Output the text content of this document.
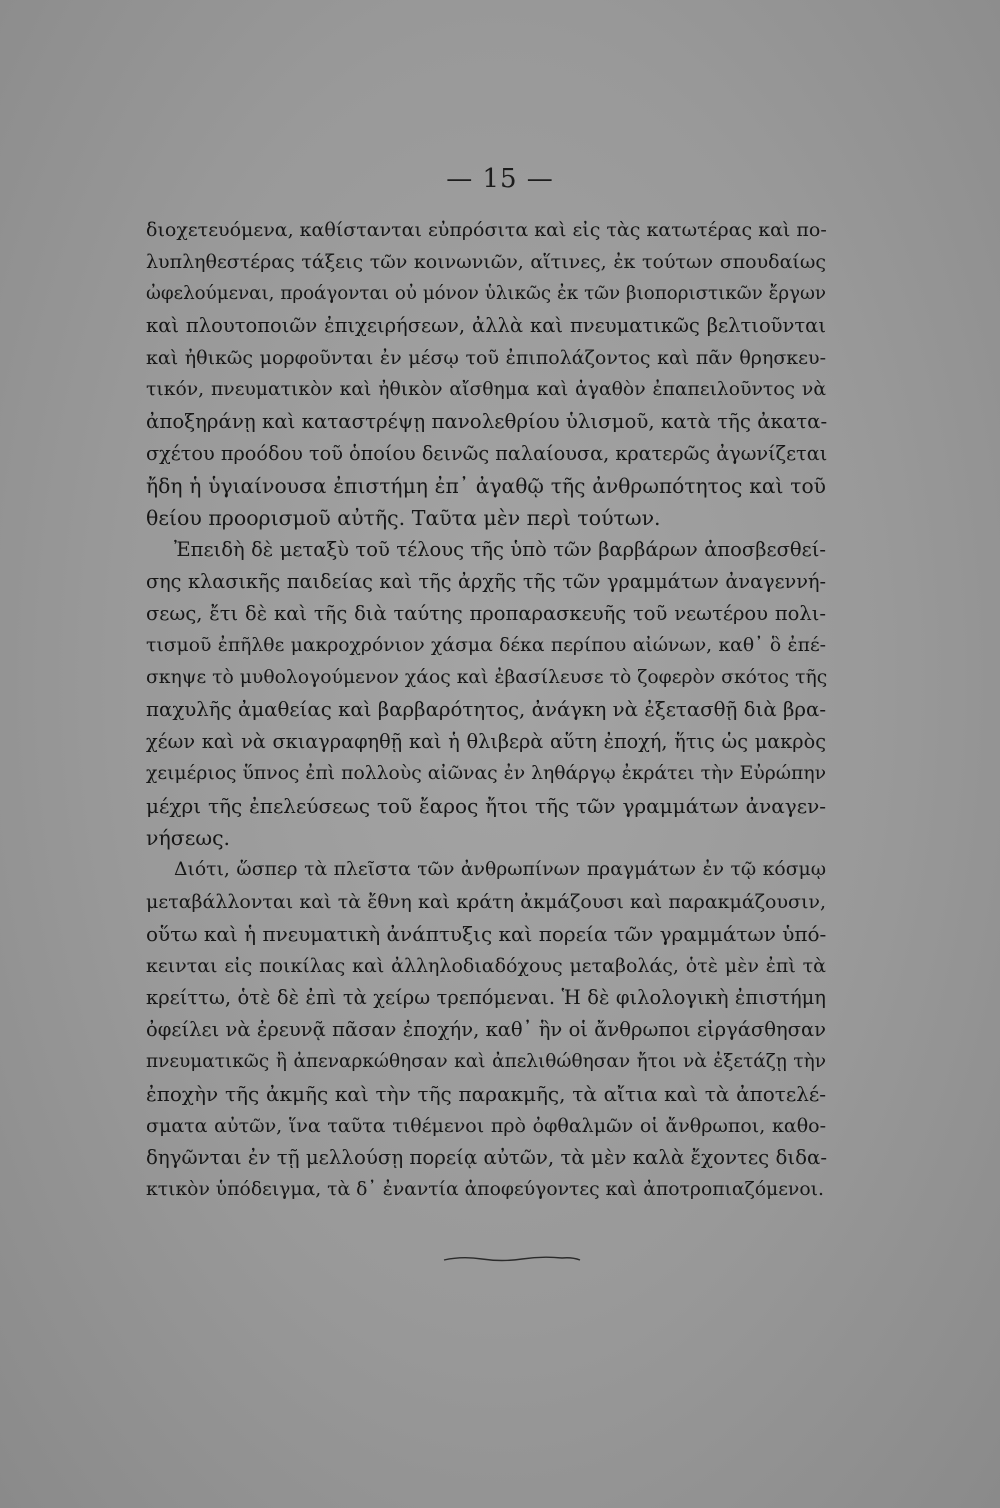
— 15 —
διοχετευόμενα, καθίστανται εὐπρόσιτα καὶ εἰς τὰς κατωτέρας καὶ πο-
λυπληθεστέρας τάξεις τῶν κοινωνιῶν, αἵτινες, ἐκ τούτων σπουδαίως
ὠφελούμεναι, προάγονται οὐ μόνον ὑλικῶς ἐκ τῶν βιοποριστικῶν ἔργων
καὶ πλουτοποιῶν ἐπιχειρήσεων, ἀλλὰ καὶ πνευματικῶς βελτιοῦνται
καὶ ἠθικῶς μορφοῦνται ἐν μέσῳ τοῦ ἐπιπολάζοντος καὶ πᾶν θρησκευ-
τικόν, πνευματικὸν καὶ ἠθικὸν αἴσθημα καὶ ἀγαθὸν ἐπαπειλοῦντος νὰ
ἀποξηράνῃ καὶ καταστρέψῃ πανολεθρίου ὑλισμοῦ, κατὰ τῆς ἀκατα-
σχέτου προόδου τοῦ ὁποίου δεινῶς παλαίουσα, κρατερῶς ἀγωνίζεται
ἤδη ἡ ὑγιαίνουσα ἐπιστήμη ἐπ᾽ ἀγαθῷ τῆς ἀνθρωπότητος καὶ τοῦ
θείου προορισμοῦ αὐτῆς. Ταῦτα μὲν περὶ τούτων.
Ἐπειδὴ δὲ μεταξὺ τοῦ τέλους τῆς ὑπὸ τῶν βαρβάρων ἀποσβεσθεί-
σης κλασικῆς παιδείας καὶ τῆς ἀρχῆς τῆς τῶν γραμμάτων ἀναγεννή-
σεως, ἔτι δὲ καὶ τῆς διὰ ταύτης προπαρασκευῆς τοῦ νεωτέρου πολι-
τισμοῦ ἐπῆλθε μακροχρόνιον χάσμα δέκα περίπου αἰώνων, καθ᾽ ὃ ἐπέ-
σκηψε τὸ μυθολογούμενον χάος καὶ ἐβασίλευσε τὸ ζοφερὸν σκότος τῆς
παχυλῆς ἀμαθείας καὶ βαρβαρότητος, ἀνάγκη νὰ ἐξετασθῇ διὰ βρα-
χέων καὶ νὰ σκιαγραφηθῇ καὶ ἡ θλιβερὰ αὕτη ἐποχή, ἥτις ὡς μακρὸς
χειμέριος ὕπνος ἐπὶ πολλοὺς αἰῶνας ἐν ληθάργῳ ἐκράτει τὴν Εὐρώπην
μέχρι τῆς ἐπελεύσεως τοῦ ἔαρος ἤτοι τῆς τῶν γραμμάτων ἀναγεν-
νήσεως.
Διότι, ὥσπερ τὰ πλεῖστα τῶν ἀνθρωπίνων πραγμάτων ἐν τῷ κόσμῳ
μεταβάλλονται καὶ τὰ ἔθνη καὶ κράτη ἀκμάζουσι καὶ παρακμάζουσιν,
οὕτω καὶ ἡ πνευματικὴ ἀνάπτυξις καὶ πορεία τῶν γραμμάτων ὑπό-
κεινται εἰς ποικίλας καὶ ἀλληλοδιαδόχους μεταβολάς, ὁτὲ μὲν ἐπὶ τὰ
κρείττω, ὁτὲ δὲ ἐπὶ τὰ χείρω τρεπόμεναι. Ἡ δὲ φιλολογικὴ ἐπιστήμη
ὀφείλει νὰ ἐρευνᾷ πᾶσαν ἐποχήν, καθ᾽ ἣν οἱ ἄνθρωποι εἰργάσθησαν
πνευματικῶς ἢ ἀπεναρκώθησαν καὶ ἀπελιθώθησαν ἤτοι νὰ ἐξετάζῃ τὴν
ἐποχὴν τῆς ἀκμῆς καὶ τὴν τῆς παρακμῆς, τὰ αἴτια καὶ τὰ ἀποτελέ-
σματα αὐτῶν, ἵνα ταῦτα τιθέμενοι πρὸ ὀφθαλμῶν οἱ ἄνθρωποι, καθο-
δηγῶνται ἐν τῇ μελλούσῃ πορείᾳ αὐτῶν, τὰ μὲν καλὰ ἔχοντες διδα-
κτικὸν ὑπόδειγμα, τὰ δ᾽ ἐναντία ἀποφεύγοντες καὶ ἀποτροπιαζόμενοι.
